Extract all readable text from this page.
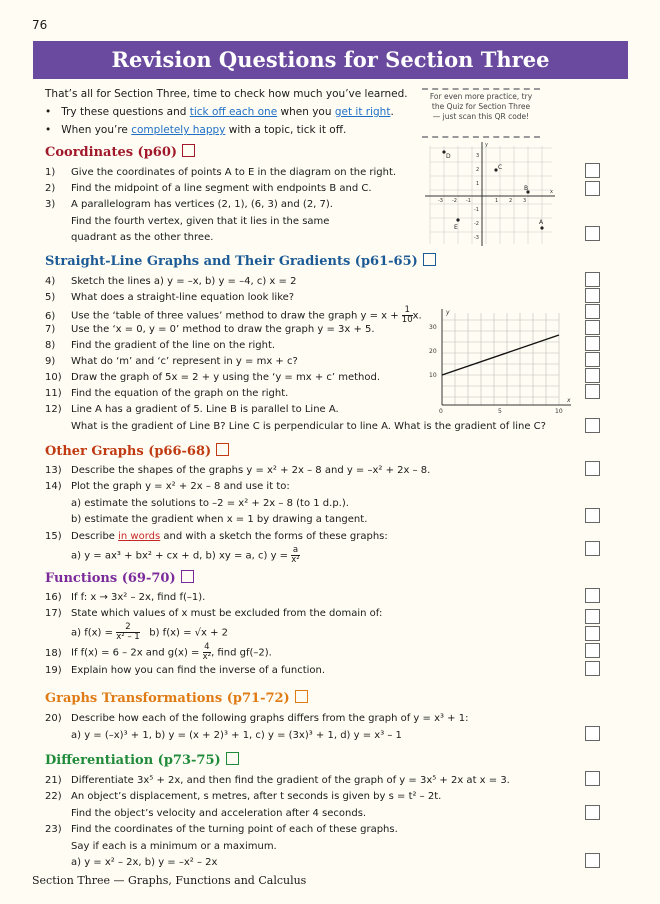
76
Revision Questions for Section Three
That’s all for Section Three, time to check how much you’ve learned.
•   Try these questions and tick off each one when you get it right.
•   When you’re completely happy with a topic, tick it off.
For even more practice, try
the Quiz for Section Three
— just scan this QR code!
Coordinates (p60)
1) Give the coordinates of points A to E in the diagram on the right.
2) Find the midpoint of a line segment with endpoints B and C.
3) A parallelogram has vertices (2, 1), (6, 3) and (2, 7).
Find the fourth vertex, given that it lies in the same
quadrant as the other three.
-3 -2 -1	1 2 3
3
2
1
-1
-2
-3
x
y
D
C
B
E
A
Straight-Line Graphs and Their Gradients (p61-65)
4) Sketch the lines a) y = –x, b) y = –4, c) x = 2
5) What does a straight-line equation look like?
6) Use the ‘table of three values’ method to draw the graph $y = x + \frac{1}{10} x$.
7) Use the ‘x = 0, y = 0’ method to draw the graph y = 3x + 5.
8) Find the gradient of the line on the right.
9) What do ‘m’ and ‘c’ represent in y = mx + c?
10) Draw the graph of 5x = 2 + y using the ‘y = mx + c’ method.
11) Find the equation of the graph on the right.
12) Line A has a gradient of 5. Line B is parallel to Line A.
What is the gradient of Line B? Line C is perpendicular to line A. What is the gradient of line C?
30
20
10
0	5	10
x
y
Other Graphs (p66-68)
13) Describe the shapes of the graphs y = x² + 2x – 8 and y = –x² + 2x – 8.
14) Plot the graph y = x² + 2x – 8 and use it to:
a) estimate the solutions to –2 = x² + 2x – 8 (to 1 d.p.).
b) estimate the gradient when x = 1 by drawing a tangent.
15) Describe in words and with a sketch the forms of these graphs:
a) y = ax³ + bx² + cx + d, b) xy = a, c) $y = \frac{a}{\text{x²}}$
Functions (69-70)
16) If f: x → 3x² – 2x, find f(–1).
17) State which values of x must be excluded from the domain of:
a) $f(x) = \frac{2}{\text{x² – 1}} b$) f(x) = √x + 2
18) If f(x) = 6 – 2x and $g(x) = \frac{4}{\text{x²}}$ , find gf(–2).
19) Explain how you can find the inverse of a function.
Graphs Transformations (p71-72)
20) Describe how each of the following graphs differs from the graph of y = x³ + 1:
a) y = (–x)³ + 1, b) y = (x + 2)³ + 1, c) y = (3x)³ + 1, d) y = x³ – 1
Differentiation (p73-75)
21) Differentiate 3x⁵ + 2x, and then find the gradient of the graph of y = 3x⁵ + 2x at x = 3.
22) An object’s displacement, s metres, after t seconds is given by s = t² – 2t.
Find the object’s velocity and acceleration after 4 seconds.
23) Find the coordinates of the turning point of each of these graphs.
Say if each is a minimum or a maximum.
a) y = x² – 2x, b) y = –x² – 2x
Section Three — Graphs, Functions and Calculus
